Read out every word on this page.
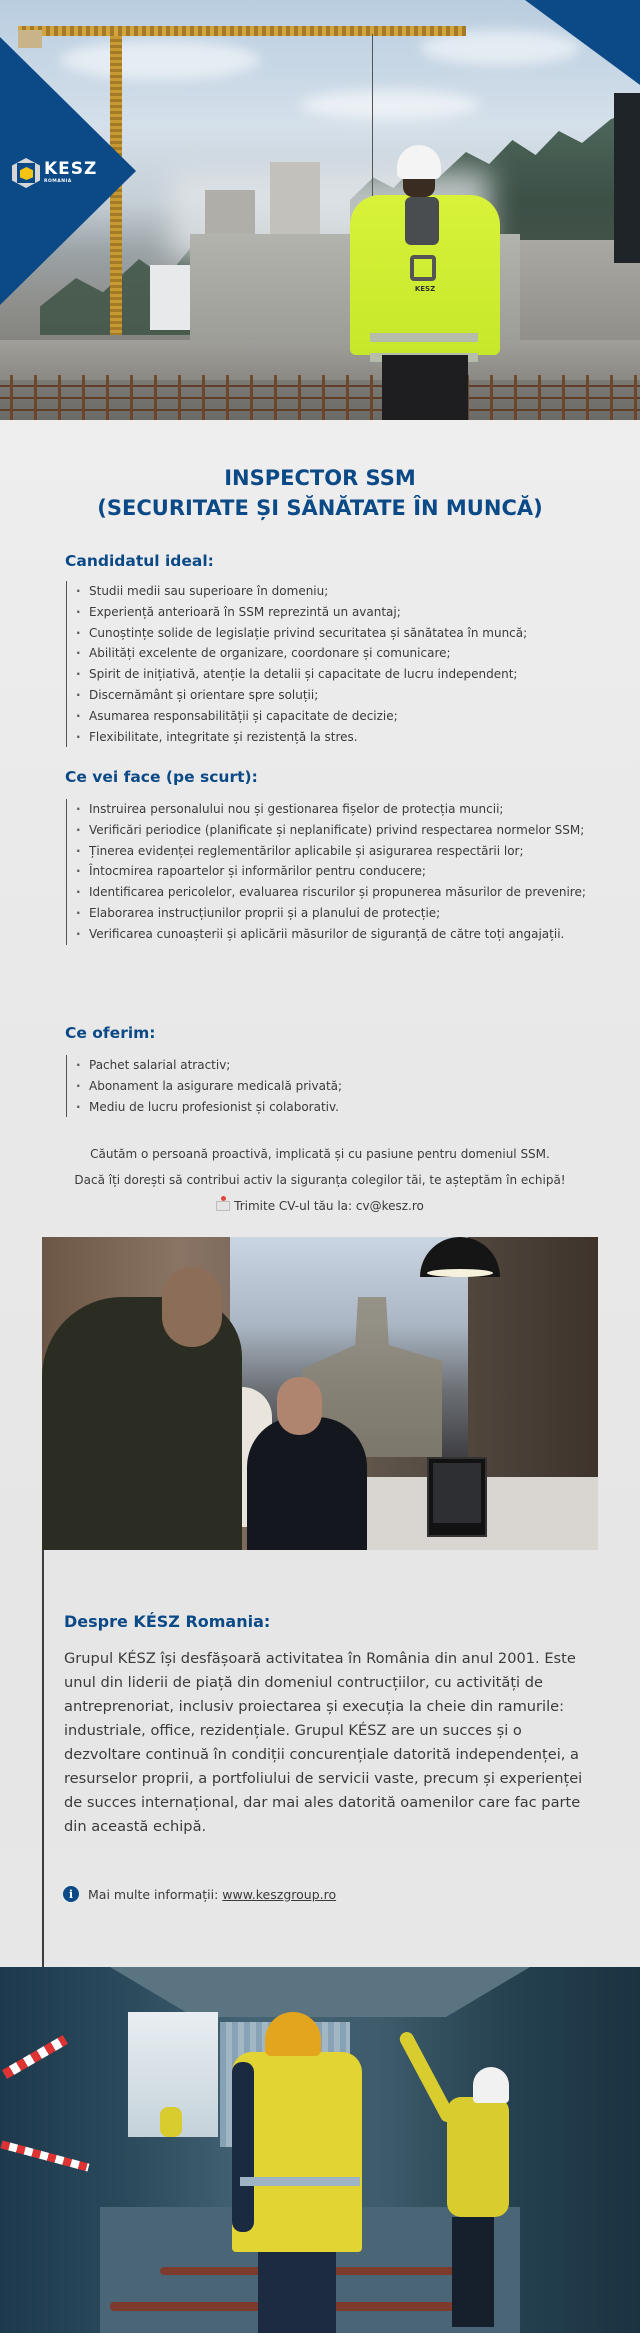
KESZ
KESZ
ROMANIA
INSPECTOR SSM
(SECURITATE ȘI SĂNĂTATE ÎN MUNCĂ)
Candidatul ideal:
· Studii medii sau superioare în domeniu;
· Experiență anterioară în SSM reprezintă un avantaj;
· Cunoștințe solide de legislație privind securitatea și sănătatea în muncă;
· Abilități excelente de organizare, coordonare și comunicare;
· Spirit de inițiativă, atenție la detalii și capacitate de lucru independent;
· Discernământ și orientare spre soluții;
· Asumarea responsabilității și capacitate de decizie;
· Flexibilitate, integritate și rezistență la stres.
Ce vei face (pe scurt):
· Instruirea personalului nou și gestionarea fișelor de protecția muncii;
· Verificări periodice (planificate și neplanificate) privind respectarea normelor SSM;
· Ținerea evidenței reglementărilor aplicabile și asigurarea respectării lor;
· Întocmirea rapoartelor și informărilor pentru conducere;
· Identificarea pericolelor, evaluarea riscurilor și propunerea măsurilor de prevenire;
· Elaborarea instrucțiunilor proprii și a planului de protecție;
· Verificarea cunoașterii și aplicării măsurilor de siguranță de către toți angajații.
Ce oferim:
· Pachet salarial atractiv;
· Abonament la asigurare medicală privată;
· Mediu de lucru profesionist și colaborativ.

Căutăm o persoană proactivă, implicată și cu pasiune pentru domeniul SSM.

Dacă îți dorești să contribui activ la siguranța colegilor tăi, te așteptăm în echipă!

Trimite CV-ul tău la: cv@kesz.ro

Despre KÉSZ Romania:

Grupul KÉSZ își desfășoară activitatea în România din anul 2001. Este unul din liderii de piață din domeniul contrucțiilor, cu activități de antreprenoriat, inclusiv proiectarea și execuția la cheie din ramurile: industriale, office, rezidențiale. Grupul KÉSZ are un succes și o dezvoltare continuă în condiții concurențiale datorită independenței, a resurselor proprii, a portfoliului de servicii vaste, precum și experienței de succes internațional, dar mai ales datorită oamenilor care fac parte din această echipă.

i	Mai multe informații: www.keszgroup.ro
